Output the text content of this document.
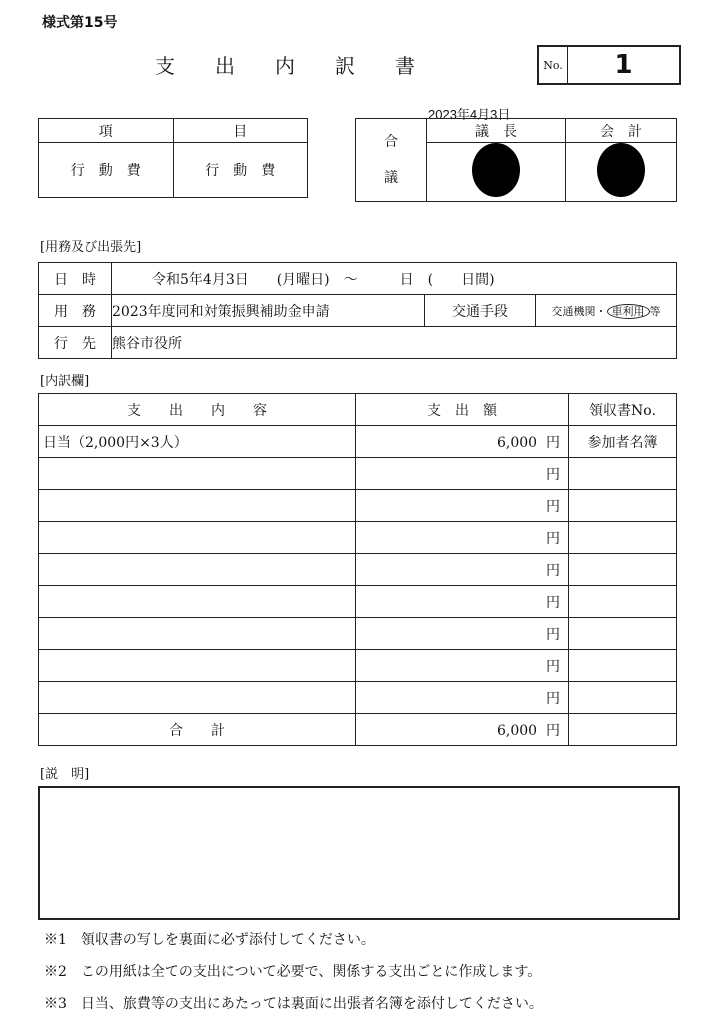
様式第15号
支 出 内 訳 書	No.	1
項	目
行　動　費	行　動　費
2023年4月3日
合
議	議　長	会　計

[用務及び出張先]
日　時	令和5年4月3日　　(月曜日)　～　　　日　(　　日間)		
用　務	2023年度同和対策振興補助金申請	交通手段	交通機関・ 車利用 等
行　先	熊谷市役所		
[内訳欄]
支　　出　　内　　容	支　出　額	領収書No.
日当（2,000円×3人）	6,000 円	参加者名簿
	円	
	円	
	円	
	円	
	円	
	円	
	円	
	円	
合　　計	6,000 円	
[説　明]
※1　領収書の写しを裏面に必ず添付してください。
※2　この用紙は全ての支出について必要で、関係する支出ごとに作成します。
※3　日当、旅費等の支出にあたっては裏面に出張者名簿を添付してください。
